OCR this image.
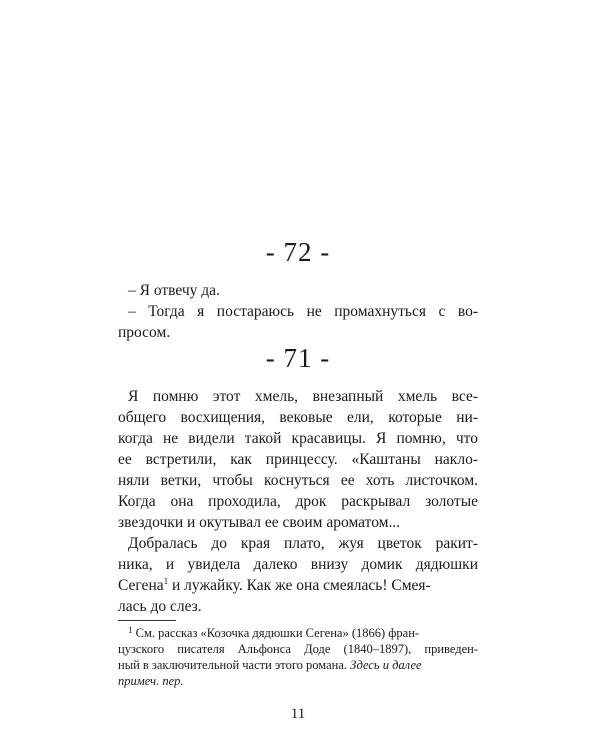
- 72 -
– Я отвечу да.
– Тогда я постараюсь не промахнуться с во-
просом.
- 71 -
Я помню этот хмель, внезапный хмель все-
общего восхищения, вековые ели, которые ни-
когда не видели такой красавицы. Я помню, что
ее встретили, как принцессу. «Каштаны накло-
няли ветки, чтобы коснуться ее хоть листочком.
Когда она проходила, дрок раскрывал золотые
звездочки и окутывал ее своим ароматом...
Добралась до края плато, жуя цветок ракит-
ника, и увидела далеко внизу домик дядюшки
Сегена$^1$ и лужайку. Как же она смеялась! Смея-
лась до слез.
$^1$ См. рассказ «Козочка дядюшки Сегена» (1866) фран-
цузского писателя Альфонса Доде (1840–1897), приведен-
ный в заключительной части этого романа. Здесь и далее
примеч. пер.
11
